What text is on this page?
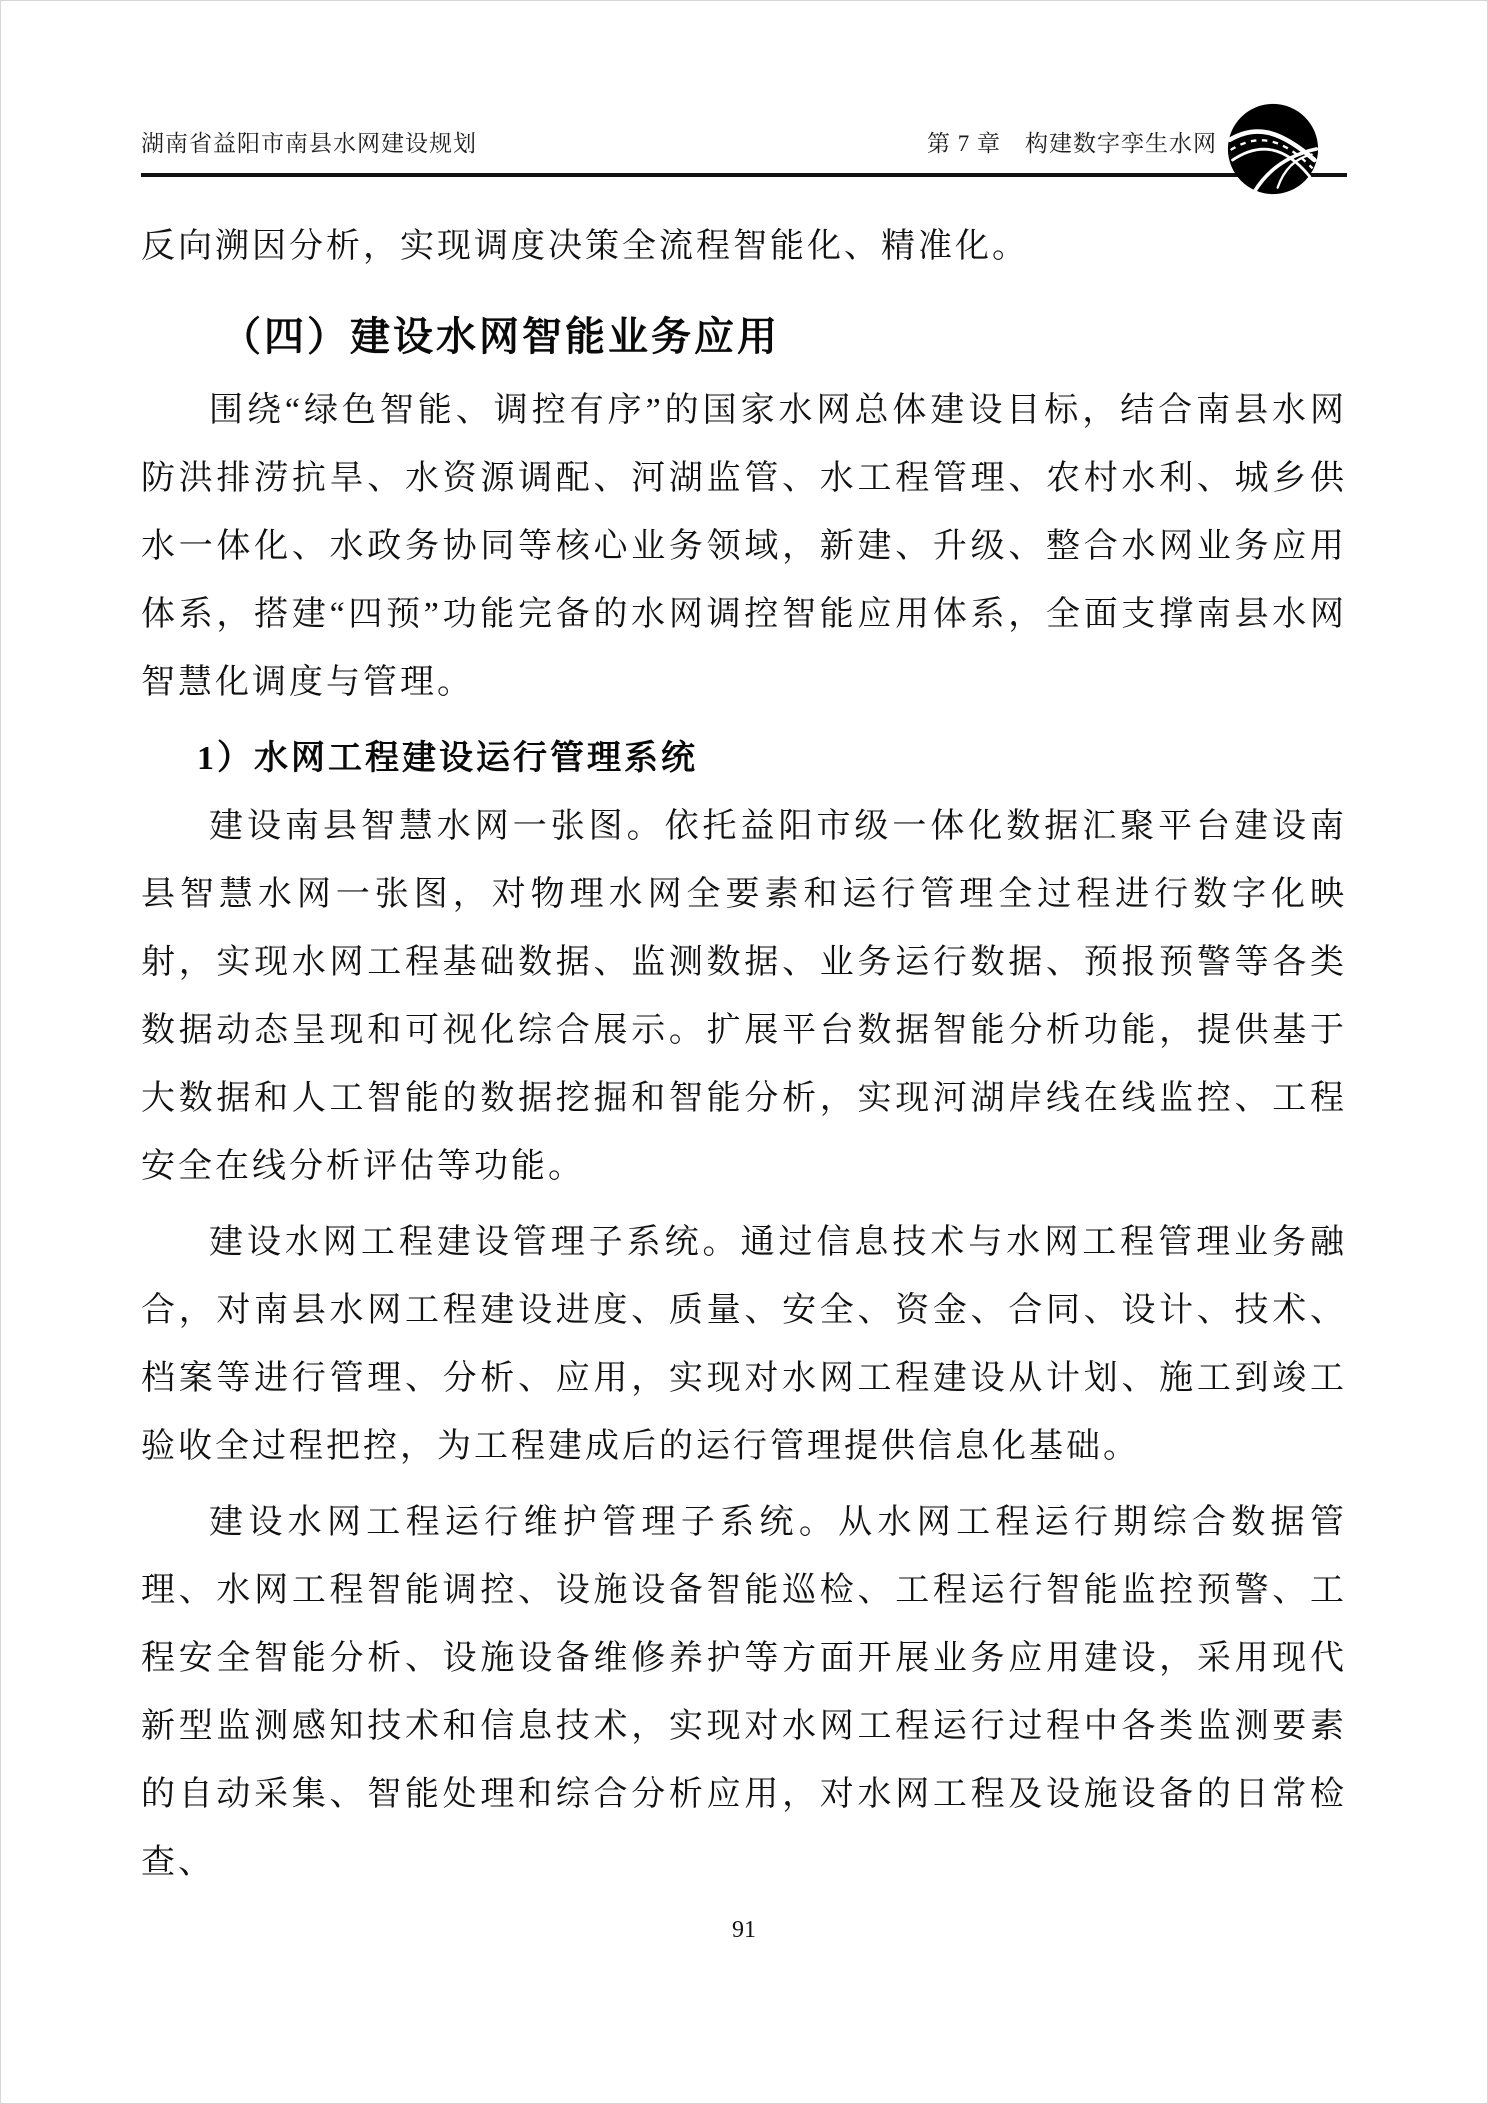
湖南省益阳市南县水网建设规划	第 7 章　构建数字孪生水网

反向溯因分析，实现调度决策全流程智能化、精准化。

（四）建设水网智能业务应用

围绕“绿色智能、调控有序”的国家水网总体建设目标，结合南县水网防洪排涝抗旱、水资源调配、河湖监管、水工程管理、农村水利、城乡供水一体化、水政务协同等核心业务领域，新建、升级、整合水网业务应用体系，搭建“四预”功能完备的水网调控智能应用体系，全面支撑南县水网智慧化调度与管理。

1）水网工程建设运行管理系统

建设南县智慧水网一张图。依托益阳市级一体化数据汇聚平台建设南县智慧水网一张图，对物理水网全要素和运行管理全过程进行数字化映射，实现水网工程基础数据、监测数据、业务运行数据、预报预警等各类数据动态呈现和可视化综合展示。扩展平台数据智能分析功能，提供基于大数据和人工智能的数据挖掘和智能分析，实现河湖岸线在线监控、工程安全在线分析评估等功能。

建设水网工程建设管理子系统。通过信息技术与水网工程管理业务融合，对南县水网工程建设进度、质量、安全、资金、合同、设计、技术、档案等进行管理、分析、应用，实现对水网工程建设从计划、施工到竣工验收全过程把控，为工程建成后的运行管理提供信息化基础。

建设水网工程运行维护管理子系统。从水网工程运行期综合数据管理、水网工程智能调控、设施设备智能巡检、工程运行智能监控预警、工程安全智能分析、设施设备维修养护等方面开展业务应用建设，采用现代新型监测感知技术和信息技术，实现对水网工程运行过程中各类监测要素的自动采集、智能处理和综合分析应用，对水网工程及设施设备的日常检查、

91
